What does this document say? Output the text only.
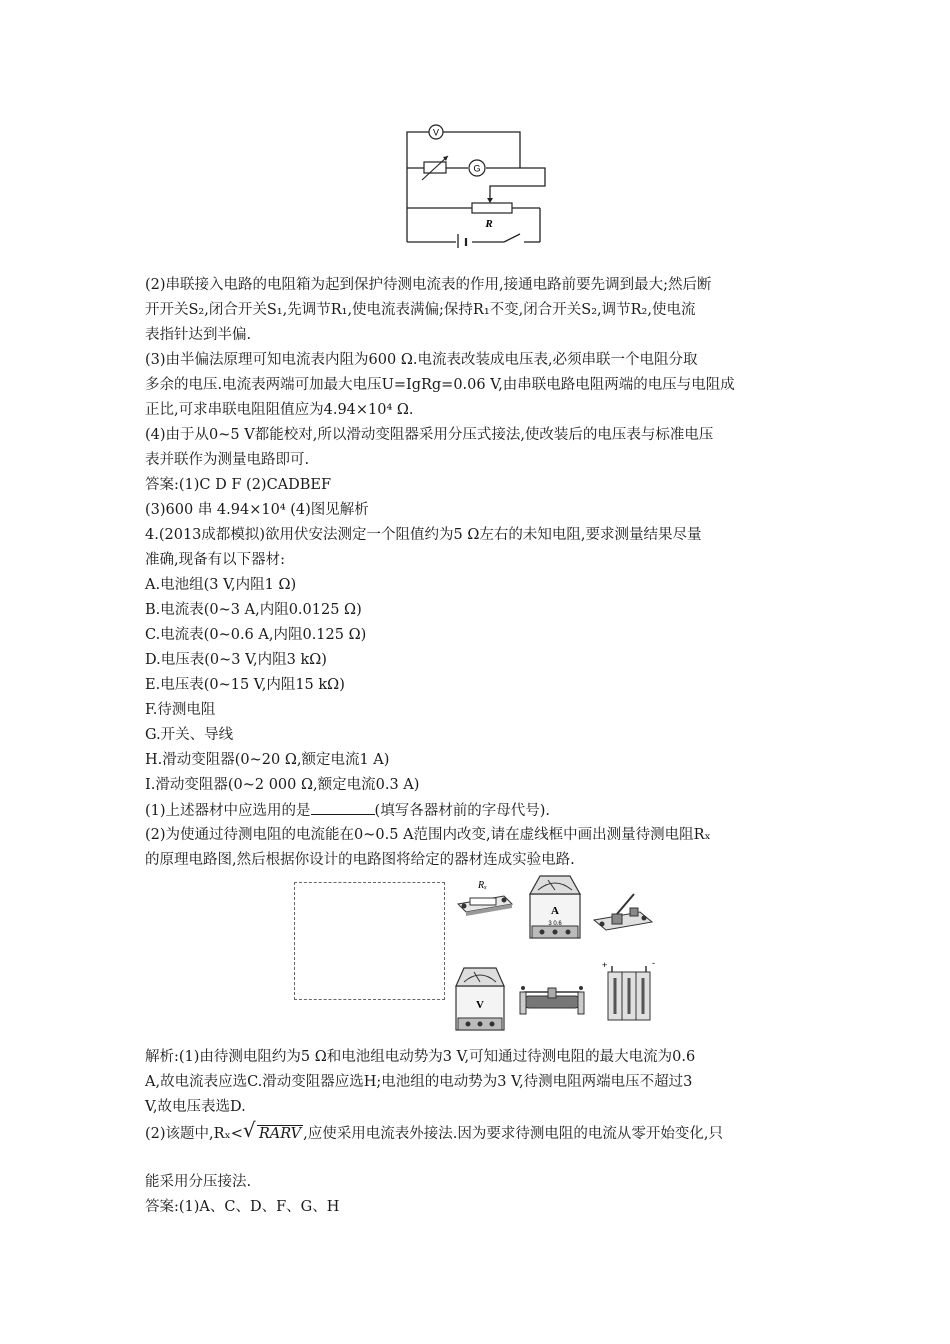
V
G
R
(2)串联接入电路的电阻箱为起到保护待测电流表的作用,接通电路前要先调到最大;然后断
开开关S₂,闭合开关S₁,先调节R₁,使电流表满偏;保持R₁不变,闭合开关S₂,调节R₂,使电流
表指针达到半偏.
(3)由半偏法原理可知电流表内阻为600 Ω.电流表改装成电压表,必须串联一个电阻分取
多余的电压.电流表两端可加最大电压U=IgRg=0.06 V,由串联电路电阻两端的电压与电阻成
正比,可求串联电阻阻值应为4.94×10⁴ Ω.
(4)由于从0~5 V都能校对,所以滑动变阻器采用分压式接法,使改装后的电压表与标准电压
表并联作为测量电路即可.
答案:(1)C D F (2)CADBEF
(3)600 串 4.94×10⁴ (4)图见解析
4.(2013成都模拟)欲用伏安法测定一个阻值约为5 Ω左右的未知电阻,要求测量结果尽量
准确,现备有以下器材:
A.电池组(3 V,内阻1 Ω)
B.电流表(0~3 A,内阻0.0125 Ω)
C.电流表(0~0.6 A,内阻0.125 Ω)
D.电压表(0~3 V,内阻3 kΩ)
E.电压表(0~15 V,内阻15 kΩ)
F.待测电阻
G.开关、导线
H.滑动变阻器(0~20 Ω,额定电流1 A)
I.滑动变阻器(0~2 000 Ω,额定电流0.3 A)
(1)上述器材中应选用的是	(填写各器材前的字母代号).
(2)为使通过待测电阻的电流能在0~0.5 A范围内改变,请在虚线框中画出测量待测电阻Rₓ
的原理电路图,然后根据你设计的电路图将给定的器材连成实验电路.
Rₓ
A
3 0.6
V
+	-
解析:(1)由待测电阻约为5 Ω和电池组电动势为3 V,可知通过待测电阻的最大电流为0.6
A,故电流表应选C.滑动变阻器应选H;电池组的电动势为3 V,待测电阻两端电压不超过3
V,故电压表选D.
(2)该题中,Rₓ< √ RARV ,应使采用电流表外接法.因为要求待测电阻的电流从零开始变化,只
能采用分压接法.
答案:(1)A、C、D、F、G、H
